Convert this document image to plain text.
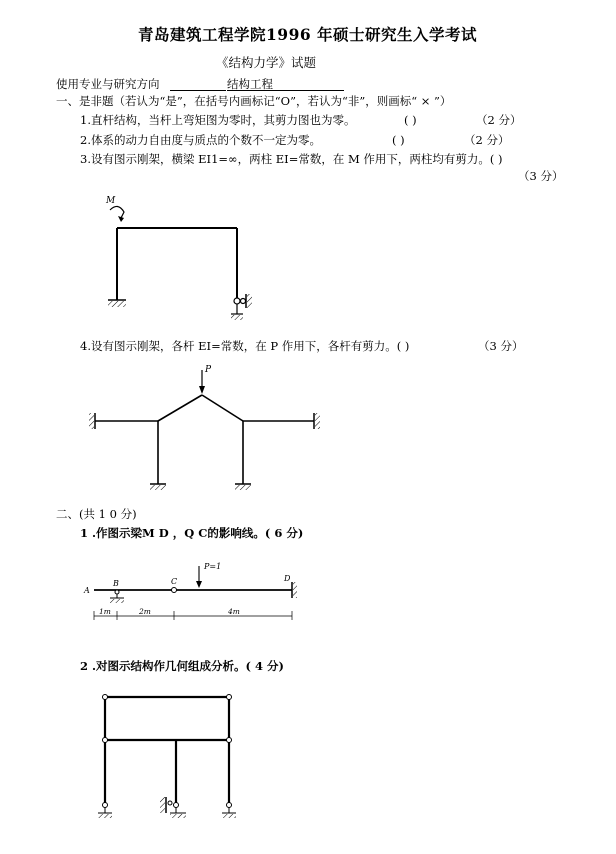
青岛建筑工程学院1996 年硕士研究生入学考试
《结构力学》试题
使用专业与研究方向	结构工程
一、是非题（若认为“是”，在括号内画标记“O”，若认为“非”，则画标“ × ”）
1.直杆结构，当杆上弯矩图为零时，其剪力图也为零。	( )	（2 分）
2.体系的动力自由度与质点的个数不一定为零。	( )	（2 分）
3.设有图示刚架，横梁 EI1=∞，两柱 EI=常数，在 M 作用下，两柱均有剪力。( )
（3 分）
M
4.设有图示刚架，各杆 EI=常数，在 P 作用下，各杆有剪力。( )	（3 分）
P
二、(共 1 0 分)
1 .作图示梁M D ，Q C的影响线。( 6 分)
P=1
A
B	C	D
1m	2m	4m
2 .对图示结构作几何组成分析。( 4 分)
